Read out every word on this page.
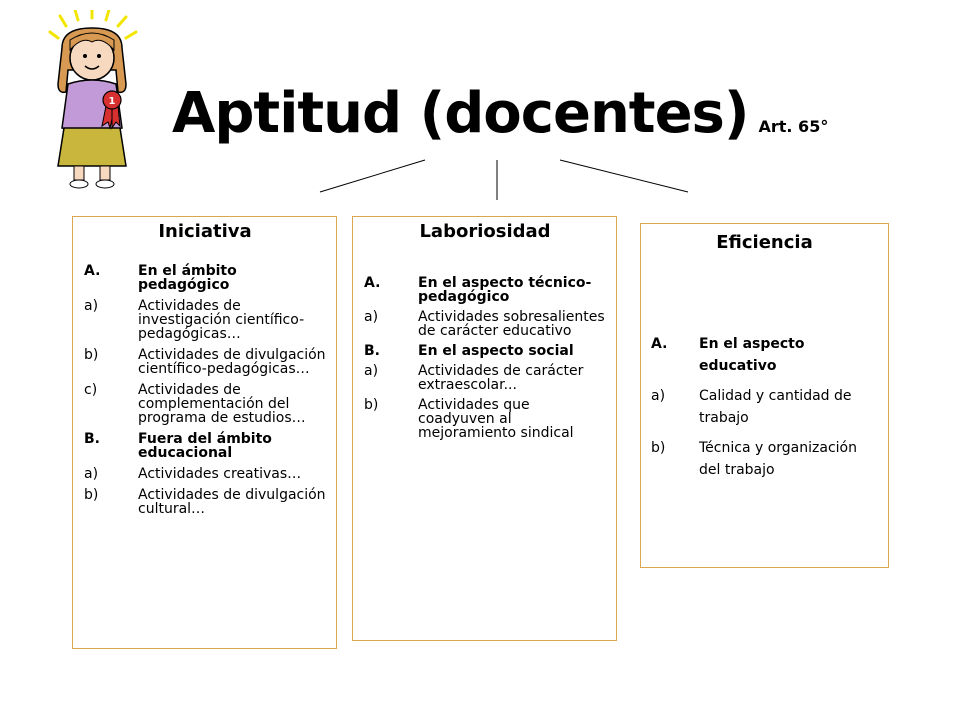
1 Aptitud (docentes) Art. 65°
Iniciativa
A.	En el ámbito pedagógico
a)	Actividades de investigación científico-pedagógicas…
b)	Actividades de divulgación científico-pedagógicas…
c)	Actividades de complementación del programa de estudios…
B.	Fuera del ámbito educacional
a)	Actividades creativas…
b)	Actividades de divulgación cultural…
Laboriosidad
A.	En el aspecto técnico-pedagógico
a)	Actividades sobresalientes de carácter educativo
B.	En el aspecto social
a)	Actividades de carácter extraescolar...
b)	Actividades que coadyuven al mejoramiento sindical
Eficiencia
A.	En el aspecto educativo
a)	Calidad y cantidad de trabajo
b)	Técnica y organización del trabajo
